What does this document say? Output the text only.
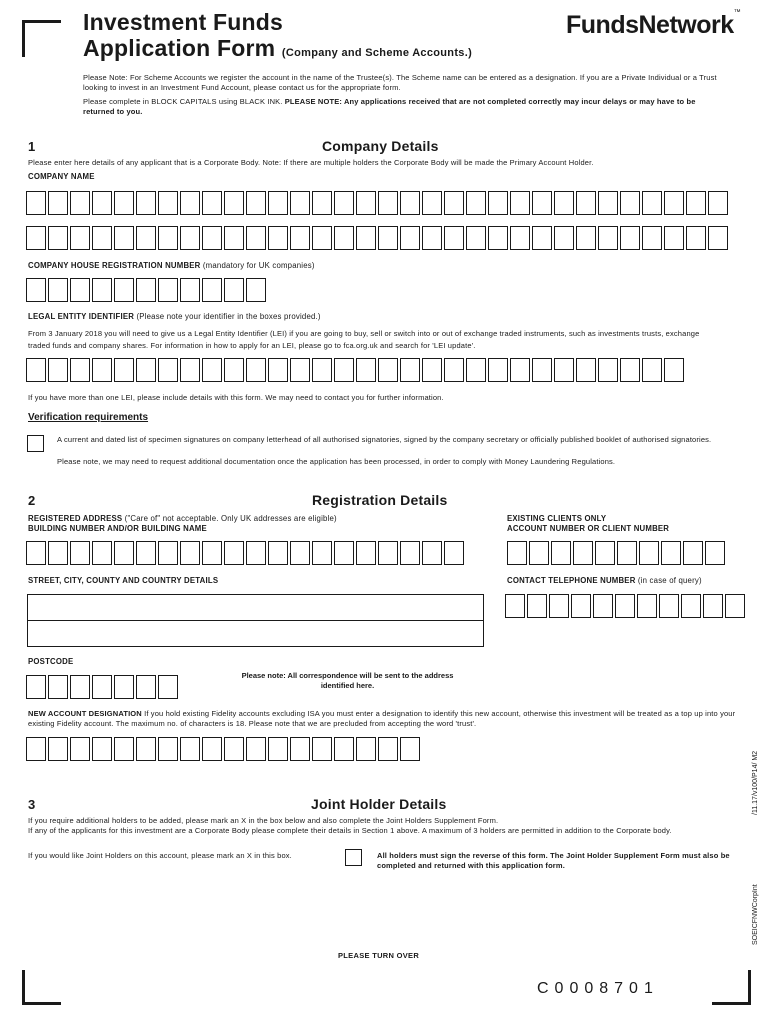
Investment Funds
Application Form (Company and Scheme Accounts.)
FundsNetwork™
Please Note: For Scheme Accounts we register the account in the name of the Trustee(s). The Scheme name can be entered as a designation. If you are a Private Individual or a Trust looking to invest in an Investment Fund Account, please contact us for the appropriate form.
Please complete in BLOCK CAPITALS using BLACK INK. PLEASE NOTE: Any applications received that are not completed correctly may incur delays or may have to be returned to you.
1	Company Details
Please enter here details of any applicant that is a Corporate Body. Note: If there are multiple holders the Corporate Body will be made the Primary Account Holder.
COMPANY NAME
COMPANY HOUSE REGISTRATION NUMBER (mandatory for UK companies)
LEGAL ENTITY IDENTIFIER (Please note your identifier in the boxes provided.)
From 3 January 2018 you will need to give us a Legal Entity Identifier (LEI) if you are going to buy, sell or switch into or out of exchange traded instruments, such as investments trusts, exchange traded funds and company shares. For information in how to apply for an LEI, please go to fca.org.uk and search for 'LEI update'.
If you have more than one LEI, please include details with this form. We may need to contact you for further information.
Verification requirements
A current and dated list of specimen signatures on company letterhead of all authorised signatories, signed by the company secretary or officially published booklet of authorised signatories.
Please note, we may need to request additional documentation once the application has been processed, in order to comply with Money Laundering Regulations.
2	Registration Details
REGISTERED ADDRESS ("Care of" not acceptable. Only UK addresses are eligible)
BUILDING NUMBER AND/OR BUILDING NAME
EXISTING CLIENTS ONLY
ACCOUNT NUMBER OR CLIENT NUMBER
STREET, CITY, COUNTY AND COUNTRY DETAILS	CONTACT TELEPHONE NUMBER (in case of query)
POSTCODE
Please note: All correspondence will be sent to the address identified here.
NEW ACCOUNT DESIGNATION If you hold existing Fidelity accounts excluding ISA you must enter a designation to identify this new account, otherwise this investment will be treated as a top up into your existing Fidelity account. The maximum no. of characters is 18. Please note that we are precluded from accepting the word 'trust'.
3	Joint Holder Details
If you require additional holders to be added, please mark an X in the box below and also complete the Joint Holders Supplement Form.
If any of the applicants for this investment are a Corporate Body please complete their details in Section 1 above. A maximum of 3 holders are permitted in addition to the Corporate body.
If you would like Joint Holders on this account, please mark an X in this box.	All holders must sign the reverse of this form. The Joint Holder Supplement Form must also be completed and returned with this application form.
PLEASE TURN OVER
C0008701
/11.17/v100/P14/ M2
SOEICFNWCorpInt
